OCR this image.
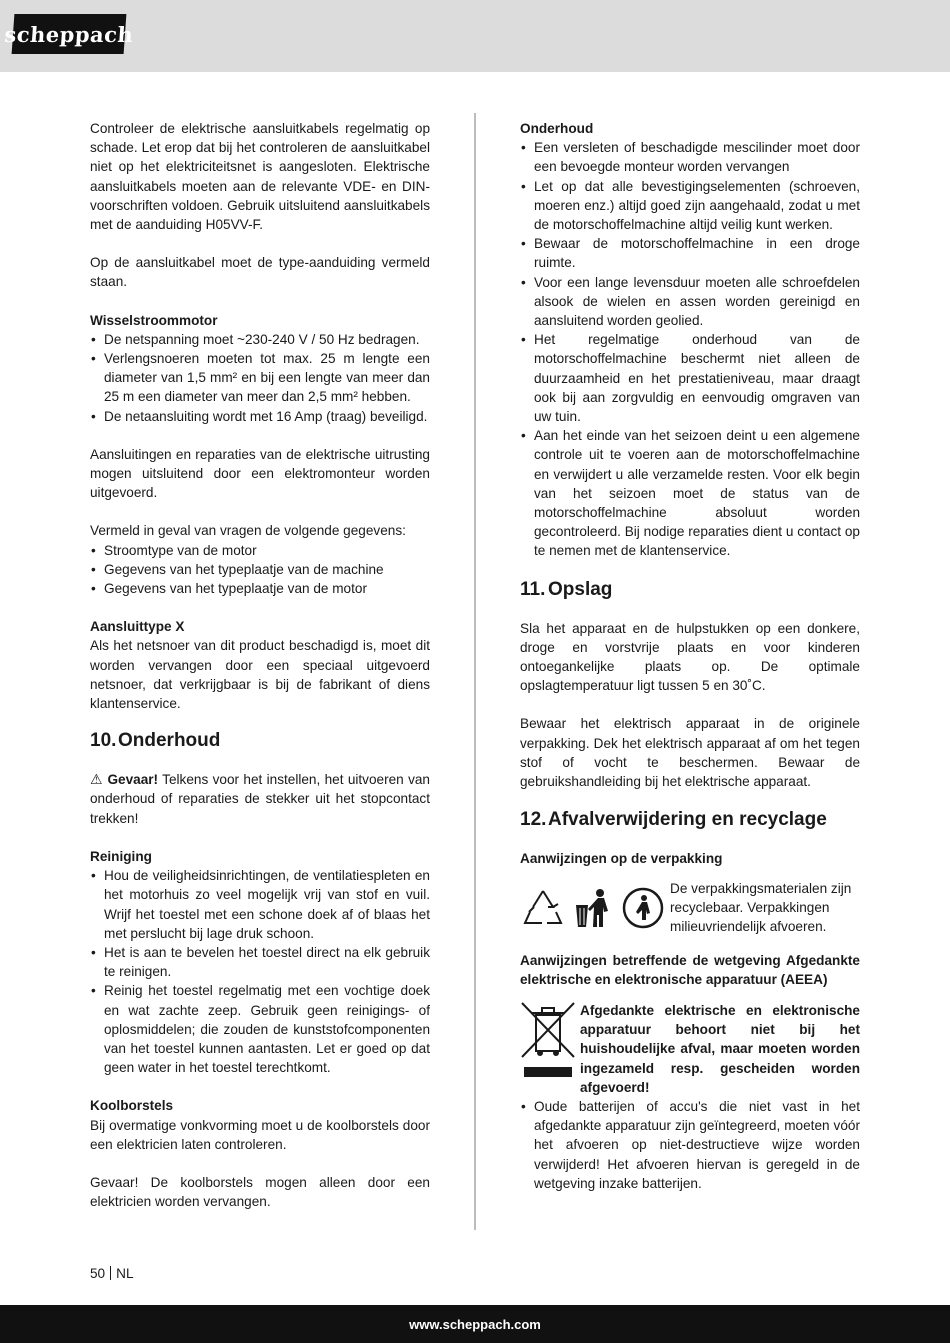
scheppach

Controleer de elektrische aansluitkabels regelmatig op schade. Let erop dat bij het controleren de aansluitkabel niet op het elektriciteitsnet is aangesloten. Elektrische aansluitkabels moeten aan de relevante VDE- en DIN-voorschriften voldoen. Gebruik uitsluitend aansluitkabels met de aanduiding H05VV-F.

Op de aansluitkabel moet de type-aanduiding vermeld staan.

Wisselstroommotor

• De netspanning moet ~230-240 V / 50 Hz bedragen.
• Verlengsnoeren moeten tot max. 25 m lengte een diameter van 1,5 mm² en bij een lengte van meer dan 25 m een diameter van meer dan 2,5 mm² hebben.
• De netaansluiting wordt met 16 Amp (traag) beveiligd.

Aansluitingen en reparaties van de elektrische uitrusting mogen uitsluitend door een elektromonteur worden uitgevoerd.

Vermeld in geval van vragen de volgende gegevens:

• Stroomtype van de motor
• Gegevens van het typeplaatje van de machine
• Gegevens van het typeplaatje van de motor

Aansluittype X

Als het netsnoer van dit product beschadigd is, moet dit worden vervangen door een speciaal uitgevoerd netsnoer, dat verkrijgbaar is bij de fabrikant of diens klantenservice.

10.Onderhoud

⚠ Gevaar! Telkens voor het instellen, het uitvoeren van onderhoud of reparaties de stekker uit het stopcontact trekken!

Reiniging

• Hou de veiligheidsinrichtingen, de ventilatiespleten en het motorhuis zo veel mogelijk vrij van stof en vuil. Wrijf het toestel met een schone doek af of blaas het met perslucht bij lage druk schoon.
• Het is aan te bevelen het toestel direct na elk gebruik te reinigen.
• Reinig het toestel regelmatig met een vochtige doek en wat zachte zeep. Gebruik geen reinigings- of oplosmiddelen; die zouden de kunststofcomponenten van het toestel kunnen aantasten. Let er goed op dat geen water in het toestel terechtkomt.

Koolborstels

Bij overmatige vonkvorming moet u de koolborstels door een elektricien laten controleren.

Gevaar! De koolborstels mogen alleen door een elektricien worden vervangen.

Onderhoud

• Een versleten of beschadigde mescilinder moet door een bevoegde monteur worden vervangen
• Let op dat alle bevestigingselementen (schroeven, moeren enz.) altijd goed zijn aangehaald, zodat u met de motorschoffelmachine altijd veilig kunt werken.
• Bewaar de motorschoffelmachine in een droge ruimte.
• Voor een lange levensduur moeten alle schroefdelen alsook de wielen en assen worden gereinigd en aansluitend worden geolied.
• Het regelmatige onderhoud van de motorschoffelmachine beschermt niet alleen de duurzaamheid en het prestatieniveau, maar draagt ook bij aan zorgvuldig en eenvoudig omgraven van uw tuin.
• Aan het einde van het seizoen deint u een algemene controle uit te voeren aan de motorschoffelmachine en verwijdert u alle verzamelde resten. Voor elk begin van het seizoen moet de status van de motorschoffelmachine absoluut worden gecontroleerd. Bij nodige reparaties dient u contact op te nemen met de klantenservice.
11. Opslag

Sla het apparaat en de hulpstukken op een donkere, droge en vorstvrije plaats en voor kinderen ontoegankelijke plaats op. De optimale opslagtemperatuur ligt tussen 5 en 30˚C.

Bewaar het elektrisch apparaat in de originele verpakking. Dek het elektrisch apparaat af om het tegen stof of vocht te beschermen. Bewaar de gebruikshandleiding bij het elektrische apparaat.

12.Afvalverwijdering en recyclage

Aanwijzingen op de verpakking

De verpakkingsmaterialen zijn recyclebaar. Verpakkingen milieuvriendelijk afvoeren.

Aanwijzingen betreffende de wetgeving Afgedankte elektrische en elektronische apparatuur (AEEA)

Afgedankte elektrische en elektronische apparatuur behoort niet bij het huishoudelijke afval, maar moeten worden ingezameld resp. gescheiden worden afgevoerd!

• Oude batterijen of accu's die niet vast in het afgedankte apparatuur zijn geïntegreerd, moeten vóór het afvoeren op niet-destructieve wijze worden verwijderd! Het afvoeren hiervan is geregeld in de wetgeving inzake batterijen.
50 NL
www.scheppach.com
